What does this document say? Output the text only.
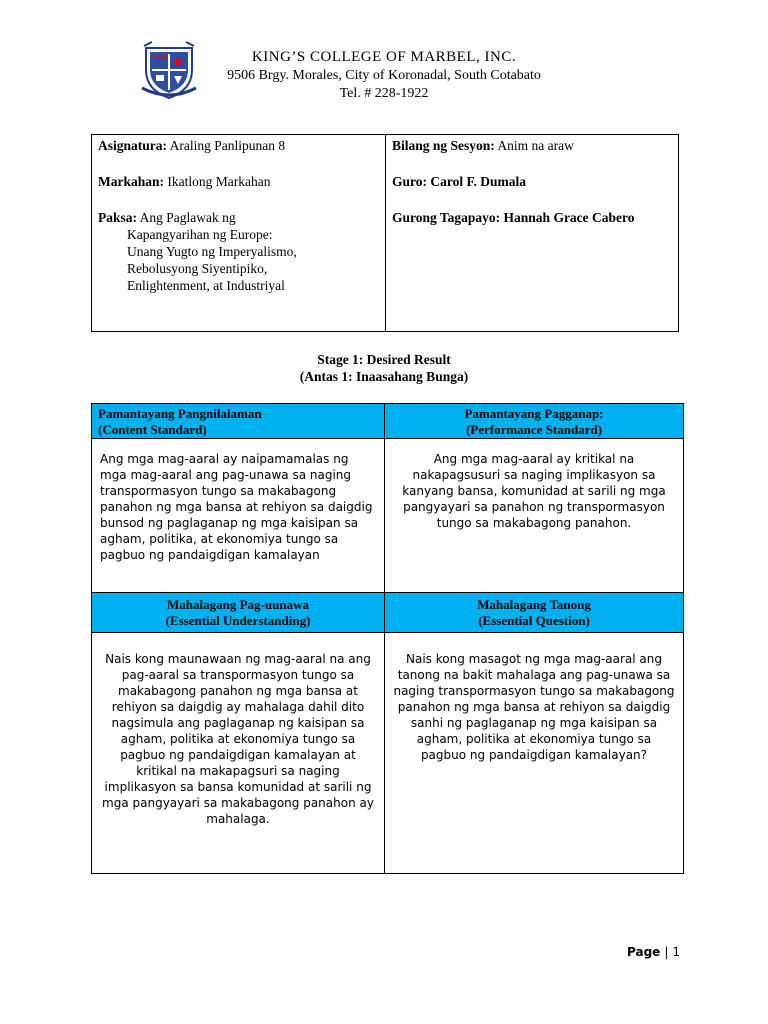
KING’S COLLEGE OF MARBEL, INC.
9506 Brgy. Morales, City of Koronadal, South Cotabato
Tel. # 228-1922

Asignatura: Araling Panlipunan 8

Markahan: Ikatlong Markahan

Paksa: Ang Paglawak ng
Kapangyarihan ng Europe:
Unang Yugto ng Imperyalismo,
Rebolusyong Siyentipiko,
Enlightenment, at Industriyal

Bilang ng Sesyon: Anim na araw

Guro: Carol F. Dumala

Gurong Tagapayo: Hannah Grace Cabero

Stage 1: Desired Result
(Antas 1: Inaasahang Bunga)
Pamantayang Pangnilalaman
(Content Standard)
Pamantayang Pagganap:
(Performance Standard)
Ang mga mag-aaral ay naipamamalas ng mga mag-aaral ang pag-unawa sa naging transpormasyon tungo sa makabagong panahon ng mga bansa at rehiyon sa daigdig bunsod ng paglaganap ng mga kaisipan sa agham, politika, at ekonomiya tungo sa pagbuo ng pandaigdigan kamalayan
Ang mga mag-aaral ay kritikal na nakapagsusuri sa naging implikasyon sa kanyang bansa, komunidad at sarili ng mga pangyayari sa panahon ng transpormasyon tungo sa makabagong panahon.
Mahalagang Pag-uunawa
(Essential Understanding)
Mahalagang Tanong
(Essential Question)
Nais kong maunawaan ng mag-aaral na ang pag-aaral sa transpormasyon tungo sa makabagong panahon ng mga bansa at rehiyon sa daigdig ay mahalaga dahil dito nagsimula ang paglaganap ng kaisipan sa agham, politika at ekonomiya tungo sa pagbuo ng pandaigdigan kamalayan at kritikal na makapagsuri sa naging implikasyon sa bansa komunidad at sarili ng mga pangyayari sa makabagong panahon ay mahalaga.
Nais kong masagot ng mga mag-aaral ang tanong na bakit mahalaga ang pag-unawa sa naging transpormasyon tungo sa makabagong panahon ng mga bansa at rehiyon sa daigdig sanhi ng paglaganap ng mga kaisipan sa agham, politika at ekonomiya tungo sa pagbuo ng pandaigdigan kamalayan?
Page | 1
